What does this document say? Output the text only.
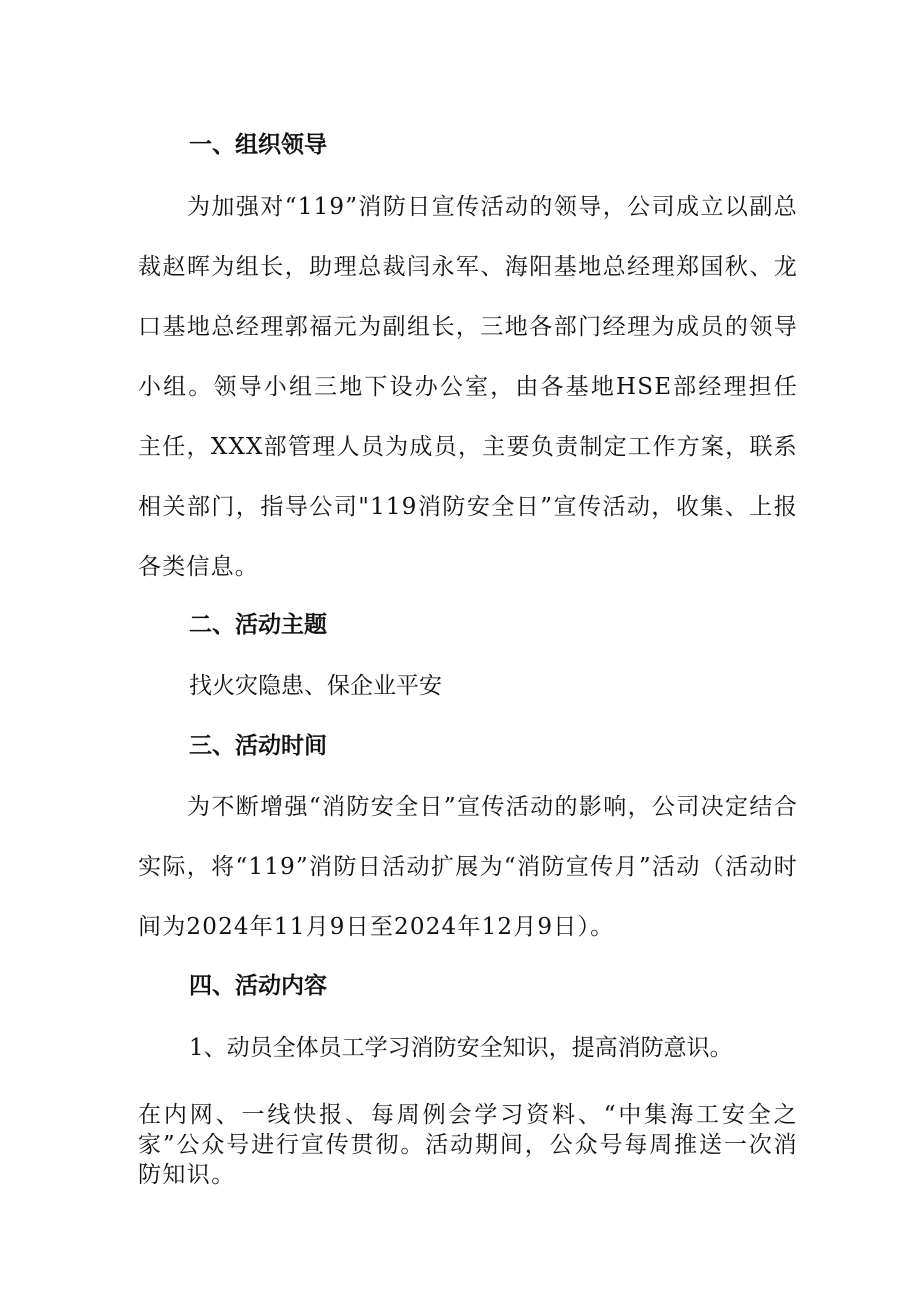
一、组织领导

为加强对“119”消防日宣传活动的领导，公司成立以副总裁赵晖为组长，助理总裁闫永军、海阳基地总经理郑国秋、龙口基地总经理郭福元为副组长，三地各部门经理为成员的领导小组。领导小组三地下设办公室，由各基地HSE部经理担任主任，XXX部管理人员为成员，主要负责制定工作方案，联系相关部门，指导公司"119消防安全日”宣传活动，收集、上报各类信息。

二、活动主题
找火灾隐患、保企业平安
三、活动时间

为不断增强“消防安全日”宣传活动的影响，公司决定结合实际，将“119”消防日活动扩展为“消防宣传月”活动（活动时间为2024年11月9日至2024年12月9日）。

四、活动内容
1、动员全体员工学习消防安全知识，提高消防意识。

在内网、一线快报、每周例会学习资料、“中集海工安全之家”公众号进行宣传贯彻。活动期间，公众号每周推送一次消防知识。
